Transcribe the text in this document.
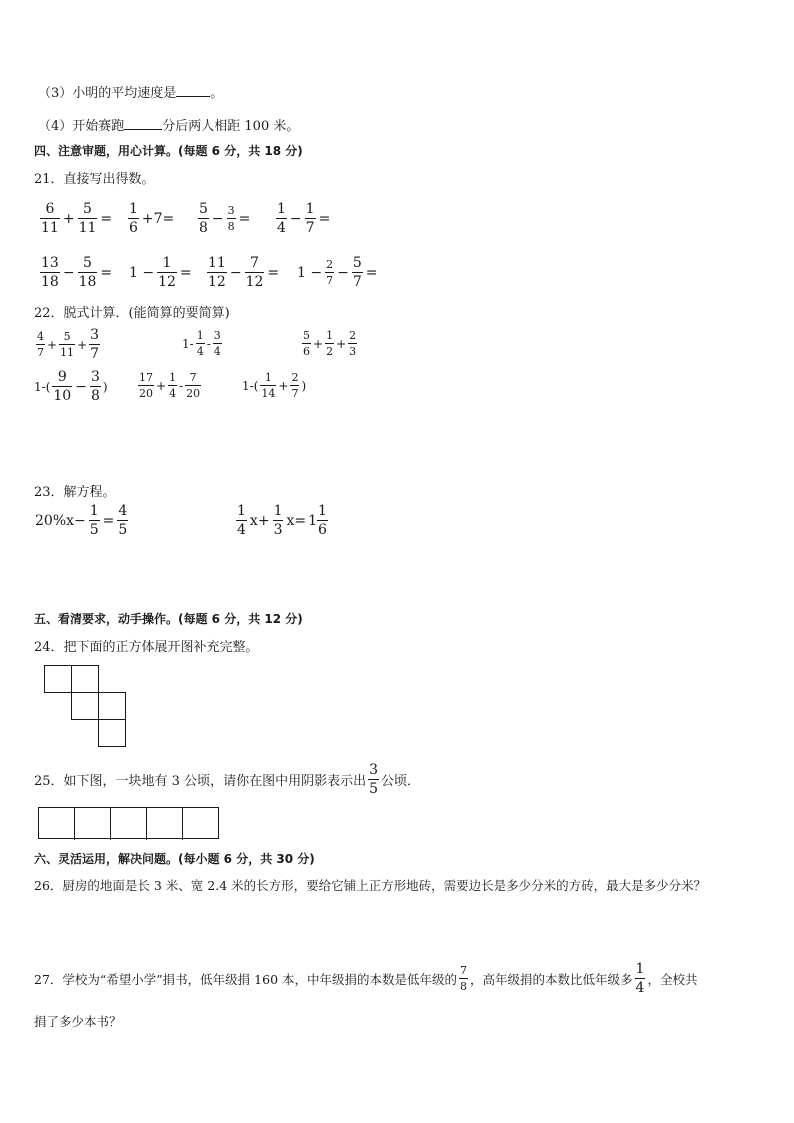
（3）小明的平均速度是	。
（4）开始赛跑	分后两人相距 100 米。
四、注意审题，用心计算。(每题 6 分，共 18 分)
21．直接写出得数。
$\frac{6}{11} + \frac{5}{11} = \frac{1}{6} +7= \frac{5}{8} - \frac{3}{8} = \frac{1}{4} - \frac{1}{7}$ =
$\frac{13}{18} - \frac{5}{18} = 1 - \frac{1}{12} = \frac{11}{12} - \frac{7}{12} = 1 - \frac{2}{7} - \frac{5}{7}$ =
22．脱式计算．(能简算的要简算)
$\frac{4}{7} + \frac{5}{11} + \frac{3}{7}$	$1- \frac{1}{4} - \frac{3}{4}$	$\frac{5}{6} + \frac{1}{2} + \frac{2}{3}$
$1-( \frac{9}{10} - \frac{3}{8}$ )	$\frac{17}{20} + \frac{1}{4} - \frac{7}{20}$	$1-( \frac{1}{14} + \frac{2}{7}$ )
23．解方程。
$20\%x- \frac{1}{5} = \frac{4}{5}$	$\frac{1}{4} x+ \frac{1}{3} x= 1 \frac{1}{6}$
五、看清要求，动手操作。(每题 6 分，共 12 分)
24．把下面的正方体展开图补充完整。
25．如下图，一块地有 3 公顷，请你在图中用阴影表示出 $\frac{3}{5}$ 公顷．
六、灵活运用，解决问题。(每小题 6 分，共 30 分)
26．厨房的地面是长 3 米、宽 2.4 米的长方形，要给它铺上正方形地砖，需要边长是多少分米的方砖，最大是多少分米？
27．学校为“希望小学”捐书，低年级捐 160 本，中年级捐的本数是低年级的 $\frac{7}{8}$ ，高年级捐的本数比低年级多 $\frac{1}{4}$ ，全校共
捐了多少本书？
